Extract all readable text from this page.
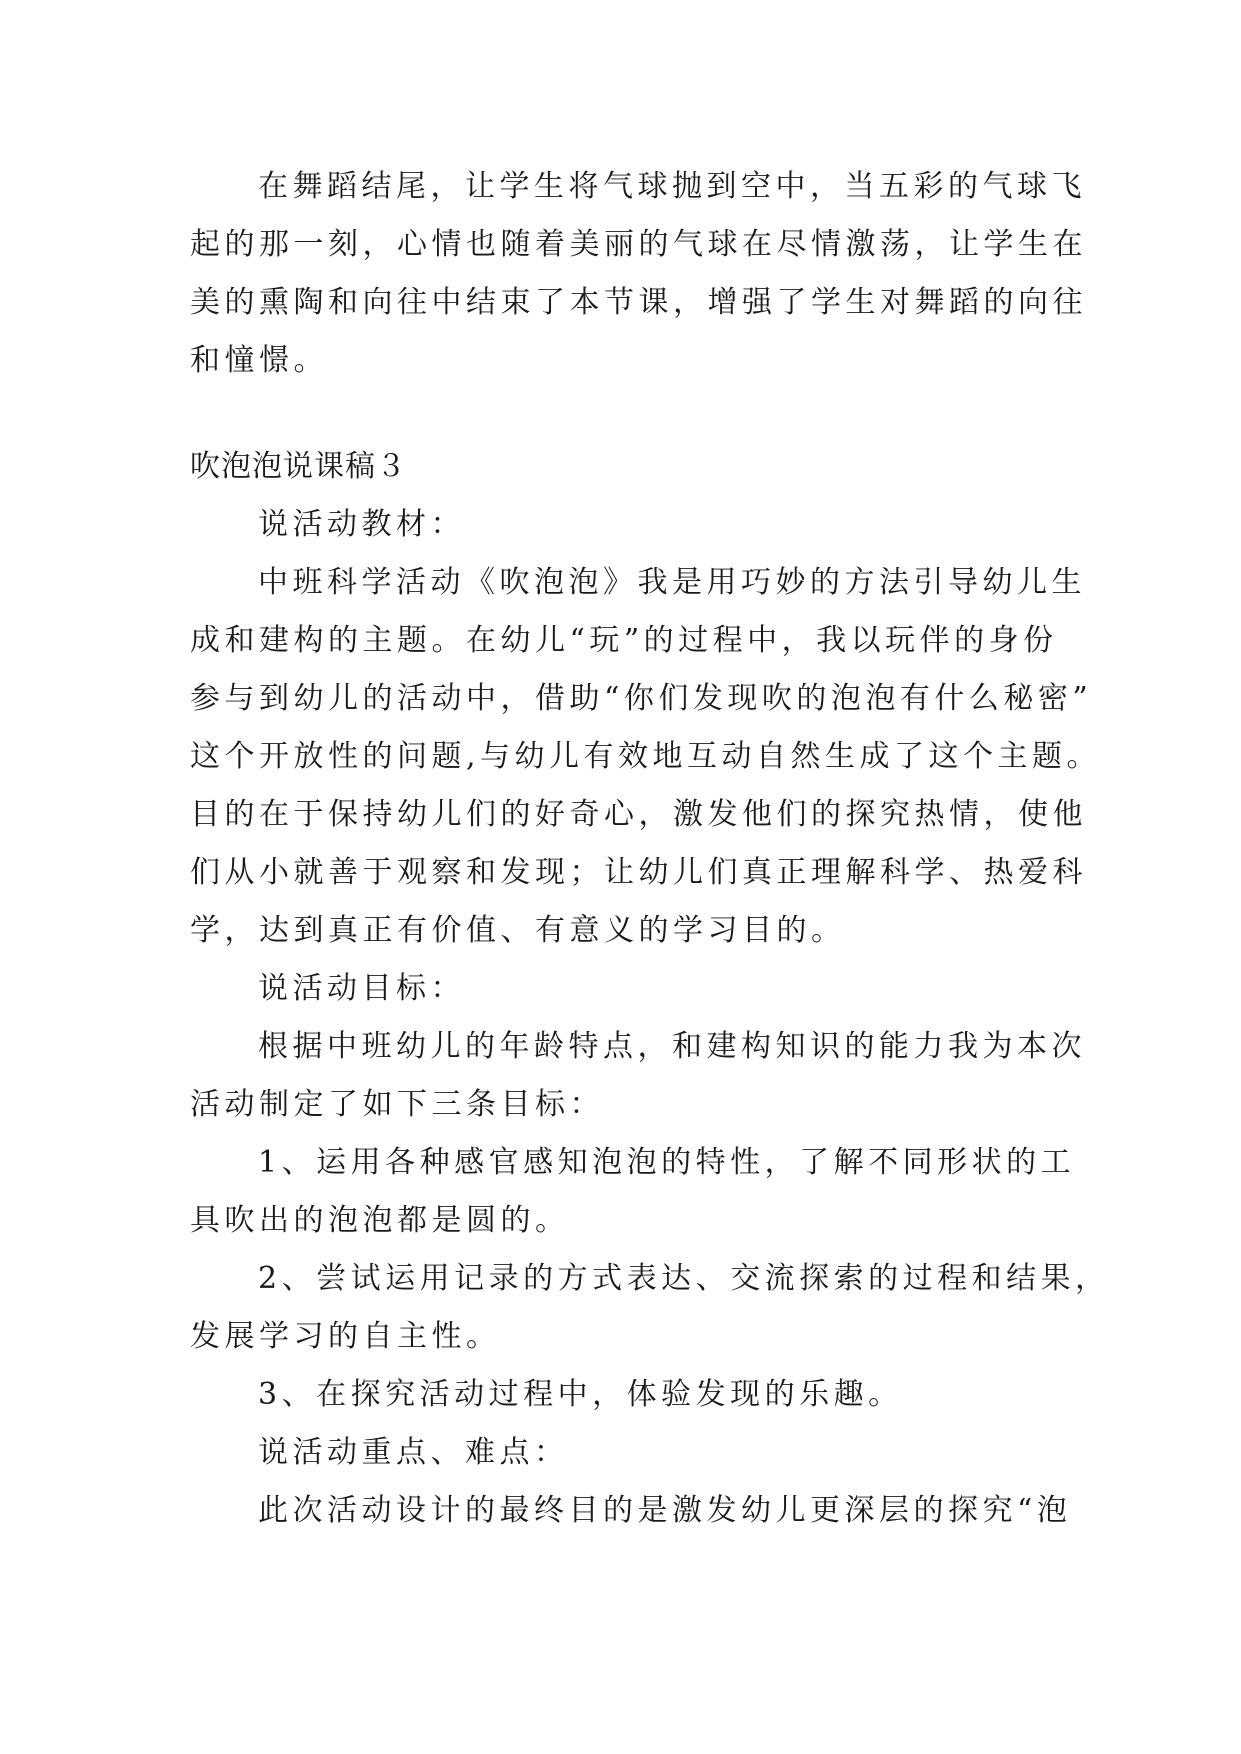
在舞蹈结尾，让学生将气球抛到空中，当五彩的气球飞
起的那一刻，心情也随着美丽的气球在尽情激荡，让学生在
美的熏陶和向往中结束了本节课，增强了学生对舞蹈的向往
和憧憬。
吹泡泡说课稿３
说活动教材：
中班科学活动《吹泡泡》我是用巧妙的方法引导幼儿生
成和建构的主题。在幼儿“玩”的过程中，我以玩伴的身份
参与到幼儿的活动中，借助“你们发现吹的泡泡有什么秘密”
这个开放性的问题,与幼儿有效地互动自然生成了这个主题。
目的在于保持幼儿们的好奇心，激发他们的探究热情，使他
们从小就善于观察和发现；让幼儿们真正理解科学、热爱科
学，达到真正有价值、有意义的学习目的。
说活动目标：
根据中班幼儿的年龄特点，和建构知识的能力我为本次
活动制定了如下三条目标：
1、运用各种感官感知泡泡的特性，了解不同形状的工
具吹出的泡泡都是圆的。
2、尝试运用记录的方式表达、交流探索的过程和结果，
发展学习的自主性。
3、在探究活动过程中，体验发现的乐趣。
说活动重点、难点：
此次活动设计的最终目的是激发幼儿更深层的探究“泡
